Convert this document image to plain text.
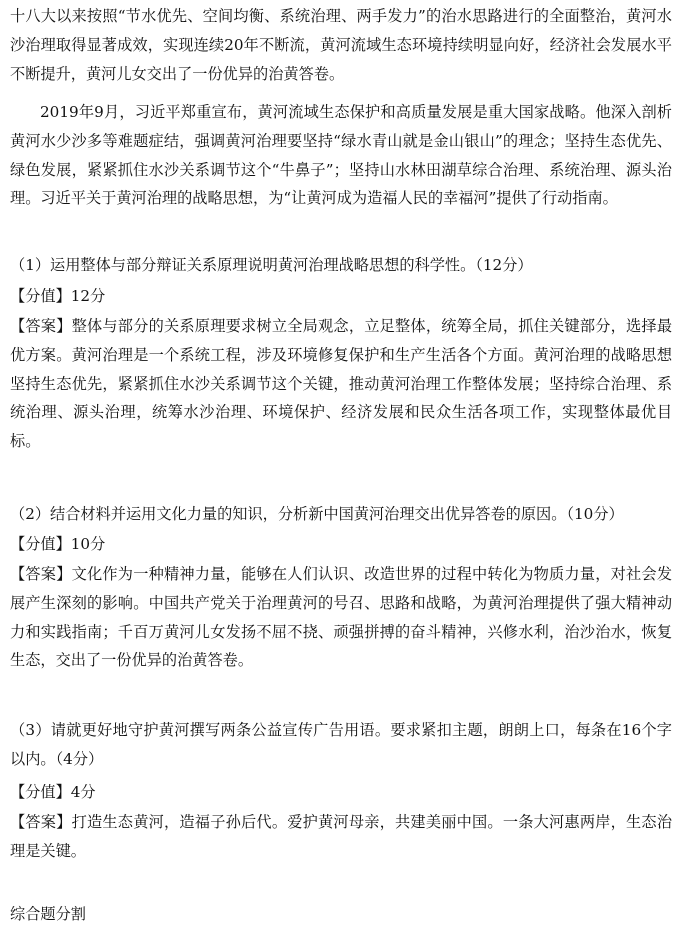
十八大以来按照“节水优先、空间均衡、系统治理、两手发力”的治水思路进行的全面整治，黄河水沙治理取得显著成效，实现连续20年不断流，黄河流域生态环境持续明显向好，经济社会发展水平不断提升，黄河儿女交出了一份优异的治黄答卷。

2019年9月，习近平郑重宣布，黄河流域生态保护和高质量发展是重大国家战略。他深入剖析黄河水少沙多等难题症结，强调黄河治理要坚持“绿水青山就是金山银山”的理念；坚持生态优先、绿色发展，紧紧抓住水沙关系调节这个“牛鼻子”；坚持山水林田湖草综合治理、系统治理、源头治理。习近平关于黄河治理的战略思想，为“让黄河成为造福人民的幸福河”提供了行动指南。

（1）运用整体与部分辩证关系原理说明黄河治理战略思想的科学性。（12分）

【分值】12分

【答案】整体与部分的关系原理要求树立全局观念，立足整体，统筹全局，抓住关键部分，选择最优方案。黄河治理是一个系统工程，涉及环境修复保护和生产生活各个方面。黄河治理的战略思想坚持生态优先，紧紧抓住水沙关系调节这个关键，推动黄河治理工作整体发展；坚持综合治理、系统治理、源头治理，统筹水沙治理、环境保护、经济发展和民众生活各项工作，实现整体最优目标。

（2）结合材料并运用文化力量的知识，分析新中国黄河治理交出优异答卷的原因。（10分）

【分值】10分

【答案】文化作为一种精神力量，能够在人们认识、改造世界的过程中转化为物质力量，对社会发展产生深刻的影响。中国共产党关于治理黄河的号召、思路和战略，为黄河治理提供了强大精神动力和实践指南；千百万黄河儿女发扬不屈不挠、顽强拼搏的奋斗精神，兴修水利，治沙治水，恢复生态，交出了一份优异的治黄答卷。

（3）请就更好地守护黄河撰写两条公益宣传广告用语。要求紧扣主题，朗朗上口，每条在16个字以内。（4分）

【分值】4分

【答案】打造生态黄河，造福子孙后代。爱护黄河母亲，共建美丽中国。一条大河惠两岸，生态治理是关键。

综合题分割
